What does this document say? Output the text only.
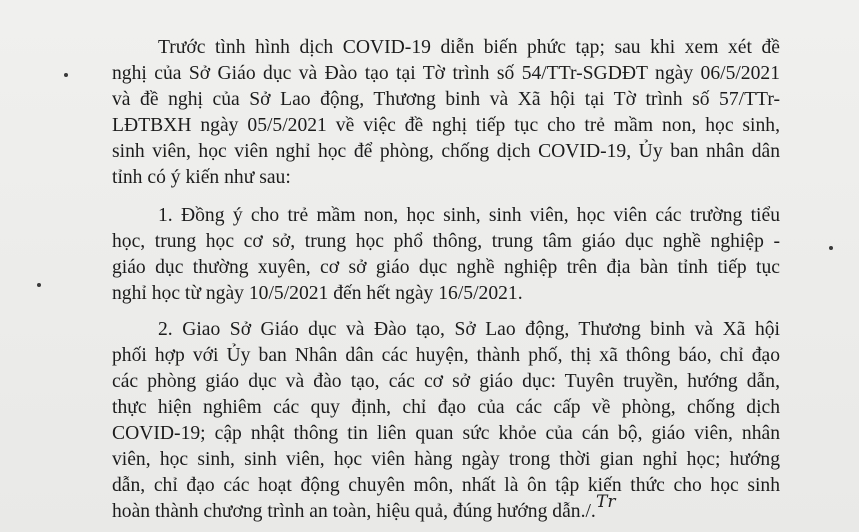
Trước tình hình dịch COVID-19 diễn biến phức tạp; sau khi xem xét đề
nghị của Sở Giáo dục và Đào tạo tại Tờ trình số 54/TTr-SGDĐT ngày 06/5/2021
và đề nghị của Sở Lao động, Thương binh và Xã hội tại Tờ trình số 57/TTr-
LĐTBXH ngày 05/5/2021 về việc đề nghị tiếp tục cho trẻ mầm non, học sinh,
sinh viên, học viên nghỉ học để phòng, chống dịch COVID-19, Ủy ban nhân dân
tỉnh có ý kiến như sau:
1. Đồng ý cho trẻ mầm non, học sinh, sinh viên, học viên các trường tiểu
học, trung học cơ sở, trung học phổ thông, trung tâm giáo dục nghề nghiệp -
giáo dục thường xuyên, cơ sở giáo dục nghề nghiệp trên địa bàn tỉnh tiếp tục
nghỉ học từ ngày 10/5/2021 đến hết ngày 16/5/2021.
2. Giao Sở Giáo dục và Đào tạo, Sở Lao động, Thương binh và Xã hội
phối hợp với Ủy ban Nhân dân các huyện, thành phố, thị xã thông báo, chỉ đạo
các phòng giáo dục và đào tạo, các cơ sở giáo dục: Tuyên truyền, hướng dẫn,
thực hiện nghiêm các quy định, chỉ đạo của các cấp về phòng, chống dịch
COVID-19; cập nhật thông tin liên quan sức khỏe của cán bộ, giáo viên, nhân
viên, học sinh, sinh viên, học viên hàng ngày trong thời gian nghỉ học; hướng
dẫn, chỉ đạo các hoạt động chuyên môn, nhất là ôn tập kiến thức cho học sinh
hoàn thành chương trình an toàn, hiệu quả, đúng hướng dẫn./. Tr
